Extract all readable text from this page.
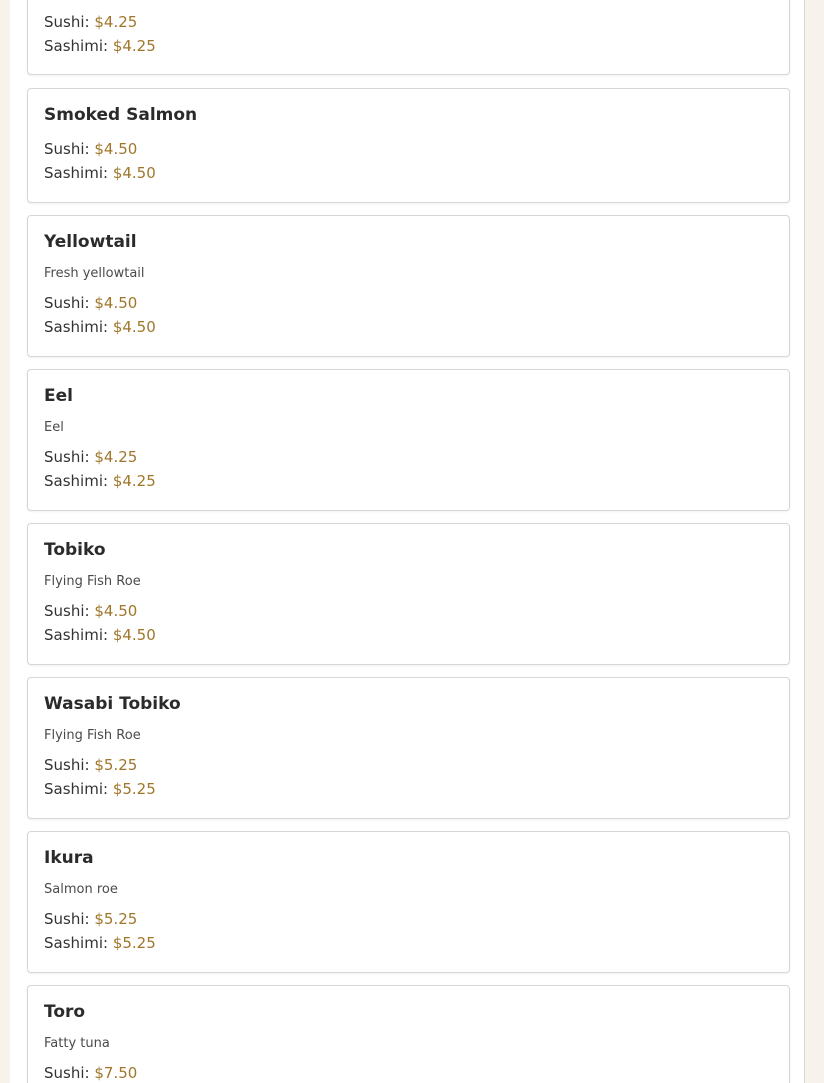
Sushi: $4.25
Sashimi: $4.25
Smoked Salmon
Sushi: $4.50
Sashimi: $4.50
Yellowtail
Fresh yellowtail
Sushi: $4.50
Sashimi: $4.50
Eel
Eel
Sushi: $4.25
Sashimi: $4.25
Tobiko
Flying Fish Roe
Sushi: $4.50
Sashimi: $4.50
Wasabi Tobiko
Flying Fish Roe
Sushi: $5.25
Sashimi: $5.25
Ikura
Salmon roe
Sushi: $5.25
Sashimi: $5.25
Toro
Fatty tuna
Sushi: $7.50
